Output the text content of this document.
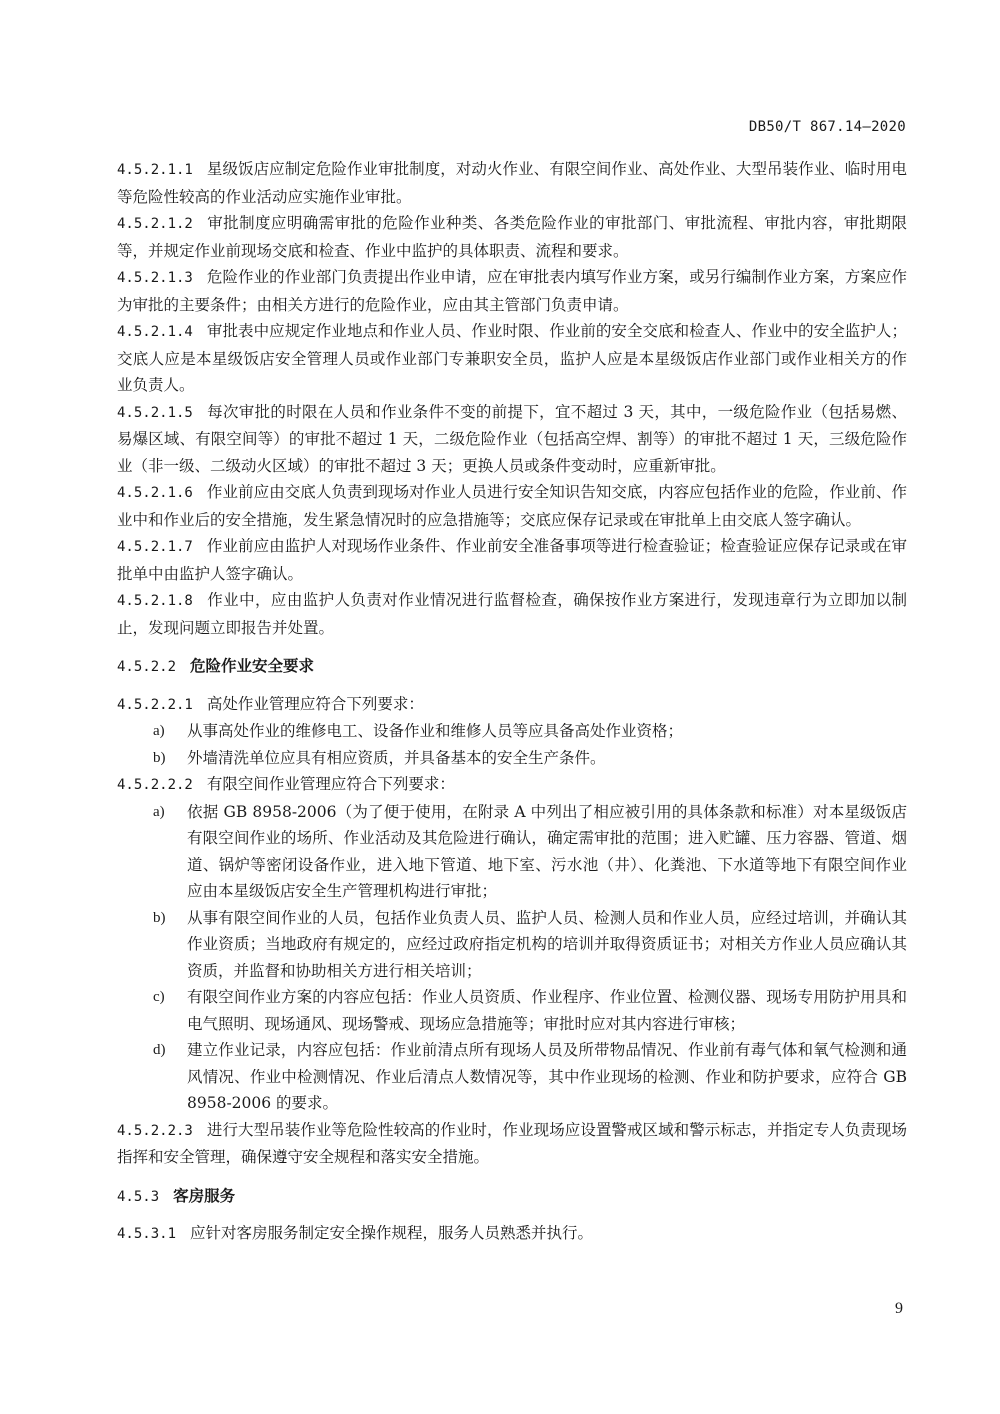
DB50/T 867.14—2020

4.5.2.1.1 星级饭店应制定危险作业审批制度，对动火作业、有限空间作业、高处作业、大型吊装作业、临时用电等危险性较高的作业活动应实施作业审批。

4.5.2.1.2 审批制度应明确需审批的危险作业种类、各类危险作业的审批部门、审批流程、审批内容，审批期限等，并规定作业前现场交底和检查、作业中监护的具体职责、流程和要求。

4.5.2.1.3 危险作业的作业部门负责提出作业申请，应在审批表内填写作业方案，或另行编制作业方案，方案应作为审批的主要条件；由相关方进行的危险作业，应由其主管部门负责申请。

4.5.2.1.4 审批表中应规定作业地点和作业人员、作业时限、作业前的安全交底和检查人、作业中的安全监护人；交底人应是本星级饭店安全管理人员或作业部门专兼职安全员，监护人应是本星级饭店作业部门或作业相关方的作业负责人。

4.5.2.1.5 每次审批的时限在人员和作业条件不变的前提下，宜不超过 3 天，其中，一级危险作业（包括易燃、易爆区域、有限空间等）的审批不超过 1 天，二级危险作业（包括高空焊、割等）的审批不超过 1 天，三级危险作业（非一级、二级动火区域）的审批不超过 3 天；更换人员或条件变动时，应重新审批。

4.5.2.1.6 作业前应由交底人负责到现场对作业人员进行安全知识告知交底，内容应包括作业的危险，作业前、作业中和作业后的安全措施，发生紧急情况时的应急措施等；交底应保存记录或在审批单上由交底人签字确认。

4.5.2.1.7 作业前应由监护人对现场作业条件、作业前安全准备事项等进行检查验证；检查验证应保存记录或在审批单中由监护人签字确认。

4.5.2.1.8 作业中，应由监护人负责对作业情况进行监督检查，确保按作业方案进行，发现违章行为立即加以制止，发现问题立即报告并处置。

4.5.2.2 危险作业安全要求

4.5.2.2.1 高处作业管理应符合下列要求：

a) 从事高处作业的维修电工、设备作业和维修人员等应具备高处作业资格；

b) 外墙清洗单位应具有相应资质，并具备基本的安全生产条件。

4.5.2.2.2 有限空间作业管理应符合下列要求：

a) 依据 GB 8958-2006（为了便于使用，在附录 A 中列出了相应被引用的具体条款和标准）对本星级饭店有限空间作业的场所、作业活动及其危险进行确认，确定需审批的范围；进入贮罐、压力容器、管道、烟道、锅炉等密闭设备作业，进入地下管道、地下室、污水池（井）、化粪池、下水道等地下有限空间作业应由本星级饭店安全生产管理机构进行审批；

b) 从事有限空间作业的人员，包括作业负责人员、监护人员、检测人员和作业人员，应经过培训，并确认其作业资质；当地政府有规定的，应经过政府指定机构的培训并取得资质证书；对相关方作业人员应确认其资质，并监督和协助相关方进行相关培训；

c) 有限空间作业方案的内容应包括：作业人员资质、作业程序、作业位置、检测仪器、现场专用防护用具和电气照明、现场通风、现场警戒、现场应急措施等；审批时应对其内容进行审核；

d) 建立作业记录，内容应包括：作业前清点所有现场人员及所带物品情况、作业前有毒气体和氧气检测和通风情况、作业中检测情况、作业后清点人数情况等，其中作业现场的检测、作业和防护要求，应符合 GB 8958-2006 的要求。

4.5.2.2.3 进行大型吊装作业等危险性较高的作业时，作业现场应设置警戒区域和警示标志，并指定专人负责现场指挥和安全管理，确保遵守安全规程和落实安全措施。

4.5.3 客房服务

4.5.3.1 应针对客房服务制定安全操作规程，服务人员熟悉并执行。

9
